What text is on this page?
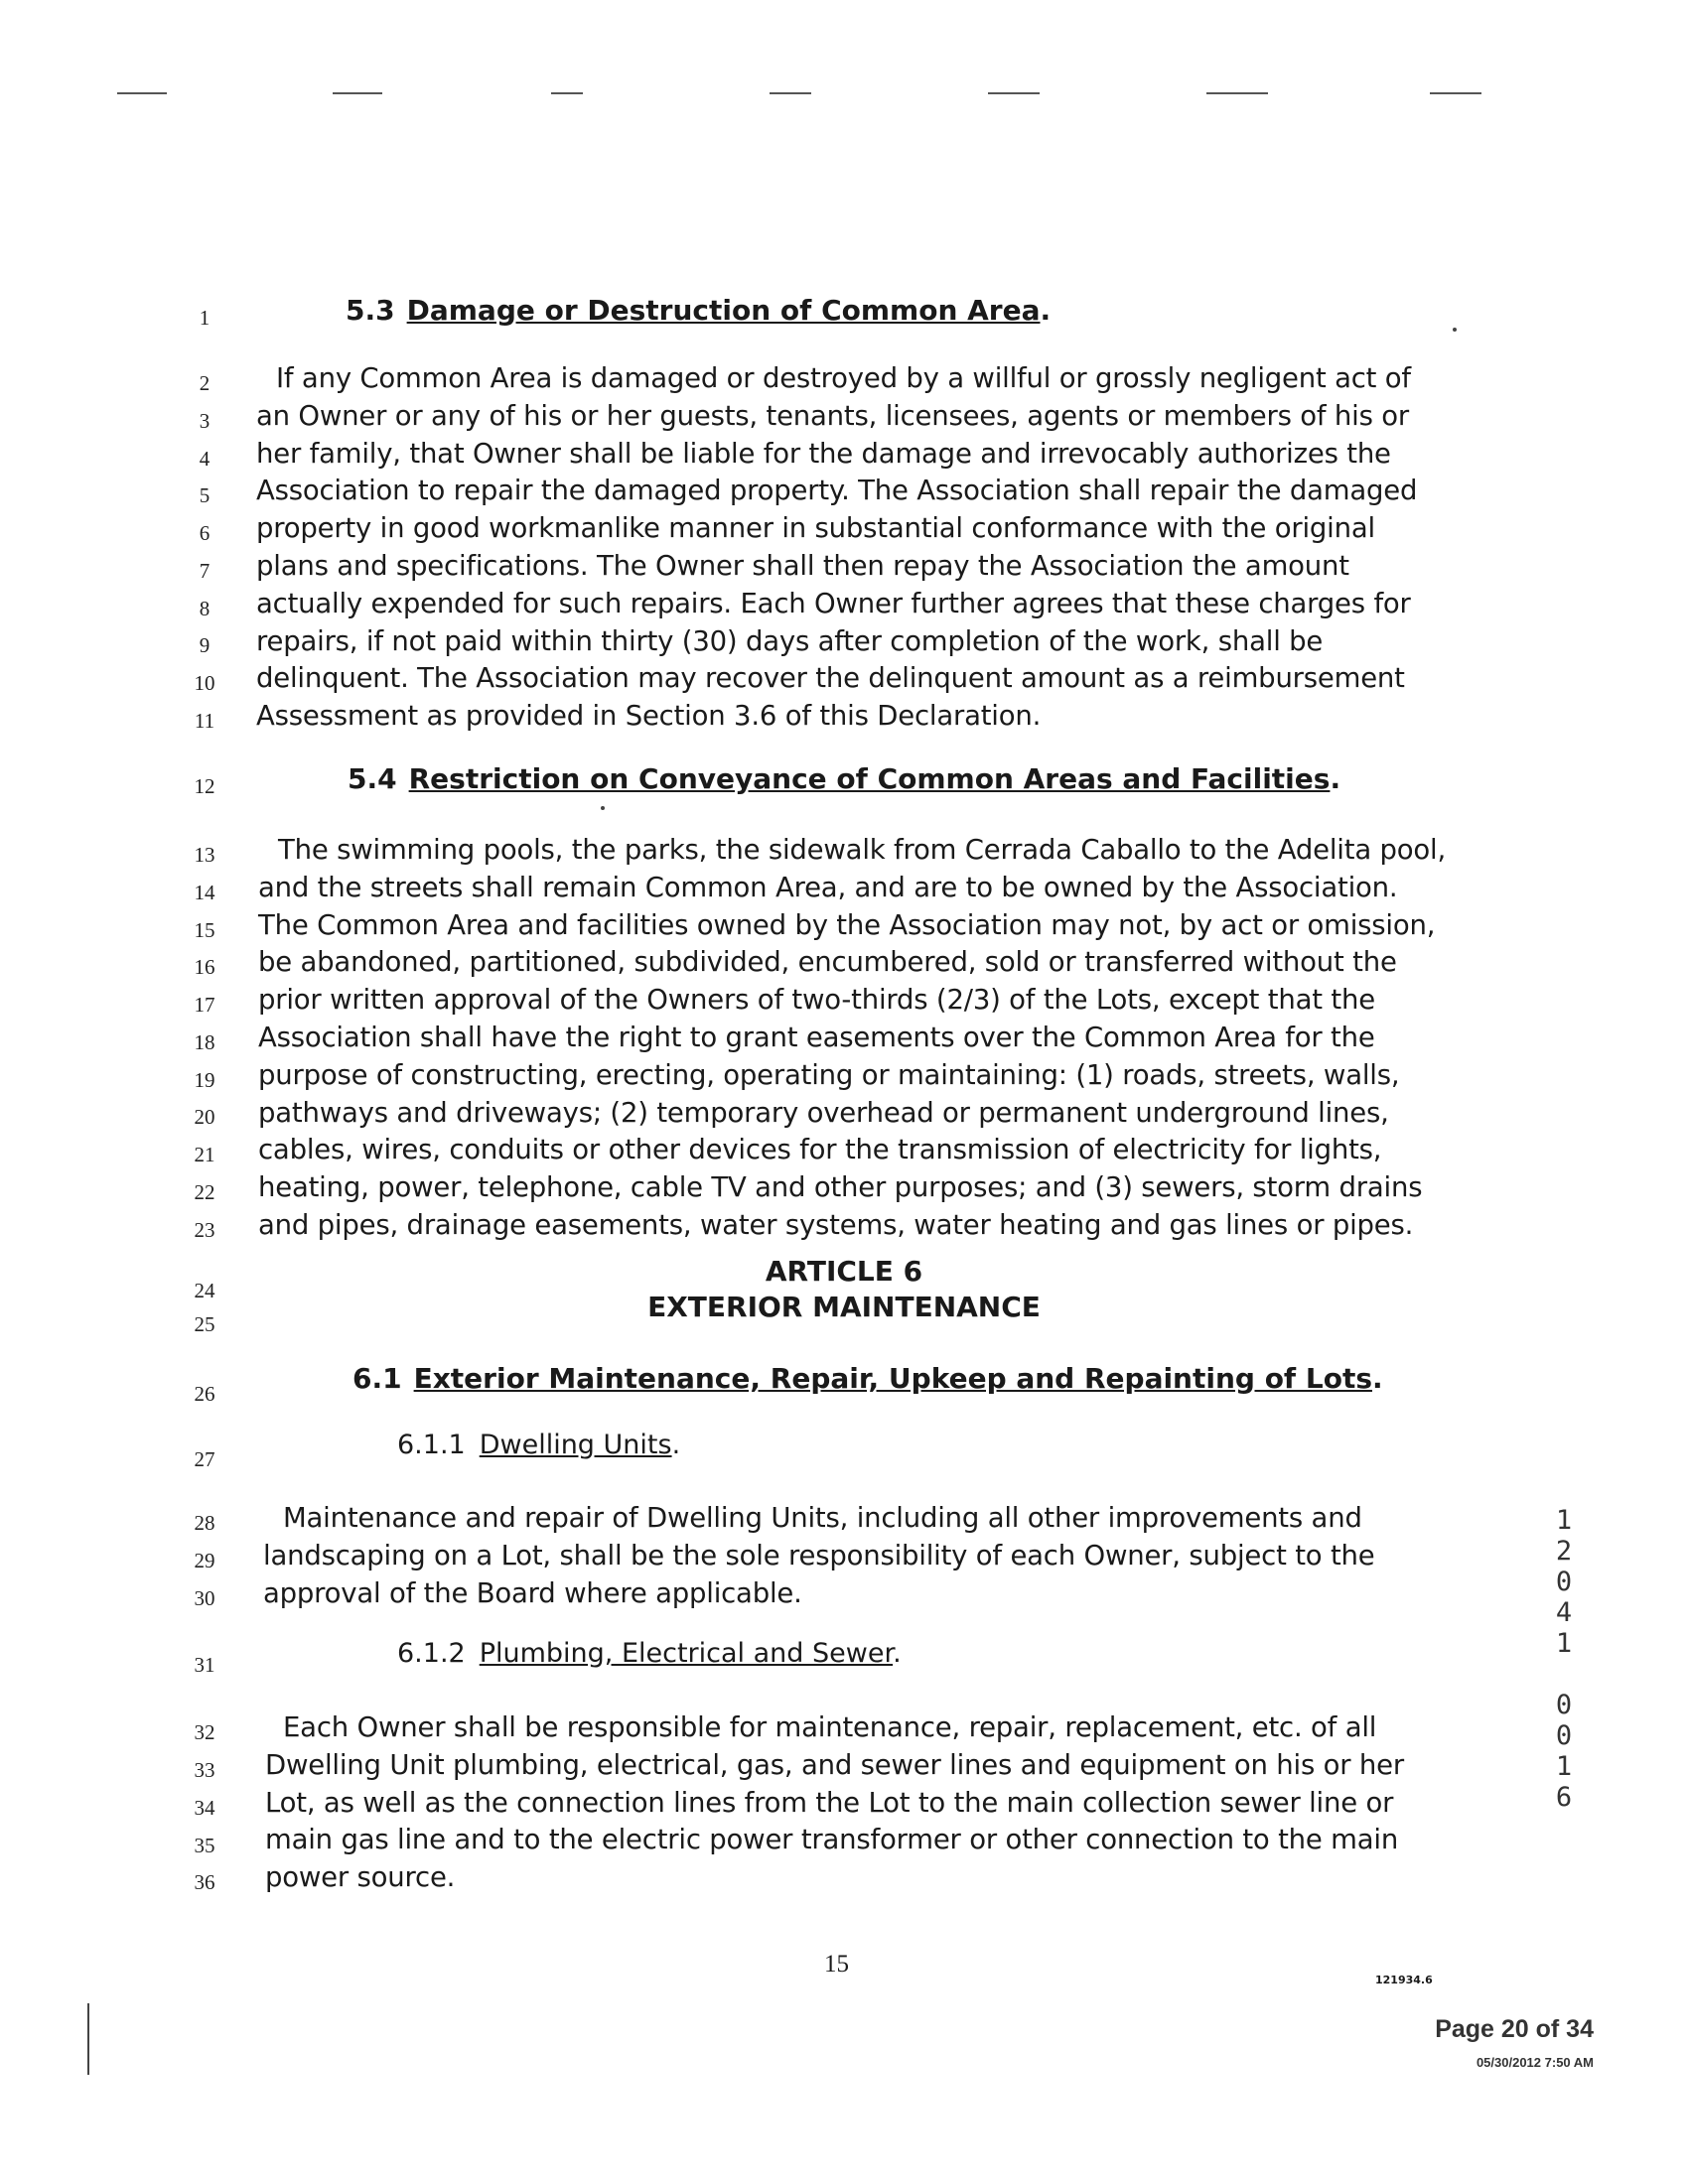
1
2
3
4
5
6
7
8
9
10
11
12
13
14
15
16
17
18
19
20
21
22
23
24
25
26
27
28
29
30
31
32
33
34
35
36
5.3 Damage or Destruction of Common Area.
If any Common Area is damaged or destroyed by a willful or grossly negligent act of
an Owner or any of his or her guests, tenants, licensees, agents or members of his or
her family, that Owner shall be liable for the damage and irrevocably authorizes the
Association to repair the damaged property. The Association shall repair the damaged
property in good workmanlike manner in substantial conformance with the original
plans and specifications. The Owner shall then repay the Association the amount
actually expended for such repairs. Each Owner further agrees that these charges for
repairs, if not paid within thirty (30) days after completion of the work, shall be
delinquent. The Association may recover the delinquent amount as a reimbursement
Assessment as provided in Section 3.6 of this Declaration.
5.4 Restriction on Conveyance of Common Areas and Facilities.
The swimming pools, the parks, the sidewalk from Cerrada Caballo to the Adelita pool,
and the streets shall remain Common Area, and are to be owned by the Association.
The Common Area and facilities owned by the Association may not, by act or omission,
be abandoned, partitioned, subdivided, encumbered, sold or transferred without the
prior written approval of the Owners of two-thirds (2/3) of the Lots, except that the
Association shall have the right to grant easements over the Common Area for the
purpose of constructing, erecting, operating or maintaining: (1) roads, streets, walls,
pathways and driveways; (2) temporary overhead or permanent underground lines,
cables, wires, conduits or other devices for the transmission of electricity for lights,
heating, power, telephone, cable TV and other purposes; and (3) sewers, storm drains
and pipes, drainage easements, water systems, water heating and gas lines or pipes.
ARTICLE 6
EXTERIOR MAINTENANCE
6.1 Exterior Maintenance, Repair, Upkeep and Repainting of Lots.
6.1.1 Dwelling Units.
Maintenance and repair of Dwelling Units, including all other improvements and
landscaping on a Lot, shall be the sole responsibility of each Owner, subject to the
approval of the Board where applicable.
6.1.2 Plumbing, Electrical and Sewer.
Each Owner shall be responsible for maintenance, repair, replacement, etc. of all
Dwelling Unit plumbing, electrical, gas, and sewer lines and equipment on his or her
Lot, as well as the connection lines from the Lot to the main collection sewer line or
main gas line and to the electric power transformer or other connection to the main
power source.
1
2
0
4
1
0
0
1
6
15
121934.6
Page 20 of 34
05/30/2012 7:50 AM
